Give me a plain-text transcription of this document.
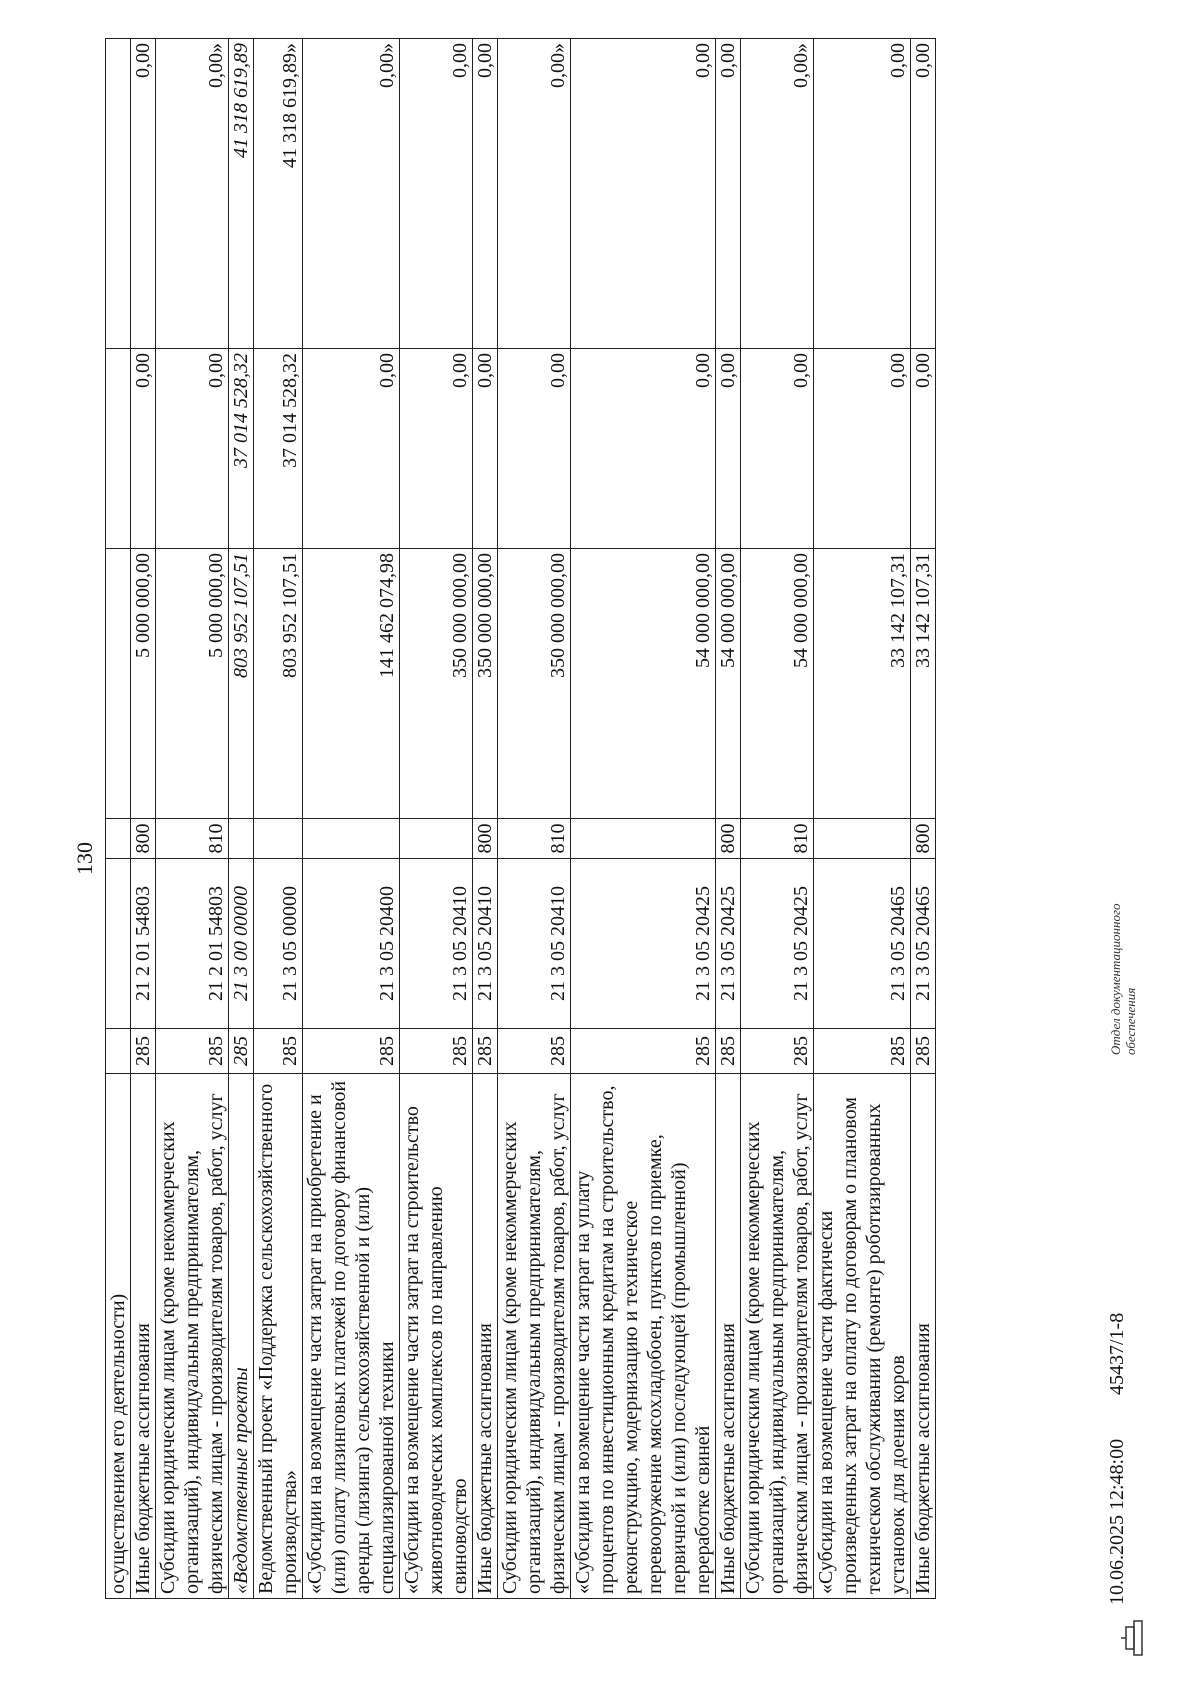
130
осуществлением его деятельности)						
Иные бюджетные ассигнования	285	21 2 01 54803	800	5 000 000,00	0,00	0,00
Субсидии юридическим лицам (кроме некоммерческих организаций), индивидуальным предпринимателям, физическим лицам - производителям товаров, работ, услуг	285	21 2 01 54803	810	5 000 000,00	0,00	0,00»
«Ведомственные проекты	285	21 3 00 00000		803 952 107,51	37 014 528,32	41 318 619,89
Ведомственный проект «Поддержка сельскохозяйственного производства»	285	21 3 05 00000		803 952 107,51	37 014 528,32	41 318 619,89»
«Субсидии на возмещение части затрат на приобретение и (или) оплату лизинговых платежей по договору финансовой аренды (лизинга) сельскохозяйственной и (или) специализированной техники	285	21 3 05 20400		141 462 074,98	0,00	0,00»
«Субсидии на возмещение части затрат на строительство животноводческих комплексов по направлению свиноводство	285	21 3 05 20410		350 000 000,00	0,00	0,00
Иные бюджетные ассигнования	285	21 3 05 20410	800	350 000 000,00	0,00	0,00
Субсидии юридическим лицам (кроме некоммерческих организаций), индивидуальным предпринимателям, физическим лицам - производителям товаров, работ, услуг	285	21 3 05 20410	810	350 000 000,00	0,00	0,00»
«Субсидии на возмещение части затрат на уплату процентов по инвестиционным кредитам на строительство, реконструкцию, модернизацию и техническое перевооружение мясохладобоен, пунктов по приемке, первичной и (или) последующей (промышленной) переработке свиней	285	21 3 05 20425		54 000 000,00	0,00	0,00
Иные бюджетные ассигнования	285	21 3 05 20425	800	54 000 000,00	0,00	0,00
Субсидии юридическим лицам (кроме некоммерческих организаций), индивидуальным предпринимателям, физическим лицам - производителям товаров, работ, услуг	285	21 3 05 20425	810	54 000 000,00	0,00	0,00»
«Субсидии на возмещение части фактически произведенных затрат на оплату по договорам о плановом техническом обслуживании (ремонте) роботизированных установок для доения коров	285	21 3 05 20465		33 142 107,31	0,00	0,00
Иные бюджетные ассигнования	285	21 3 05 20465	800	33 142 107,31	0,00	0,00
10.06.2025 12:48:00
45437/1-8
Отдел документационного обеспечения
